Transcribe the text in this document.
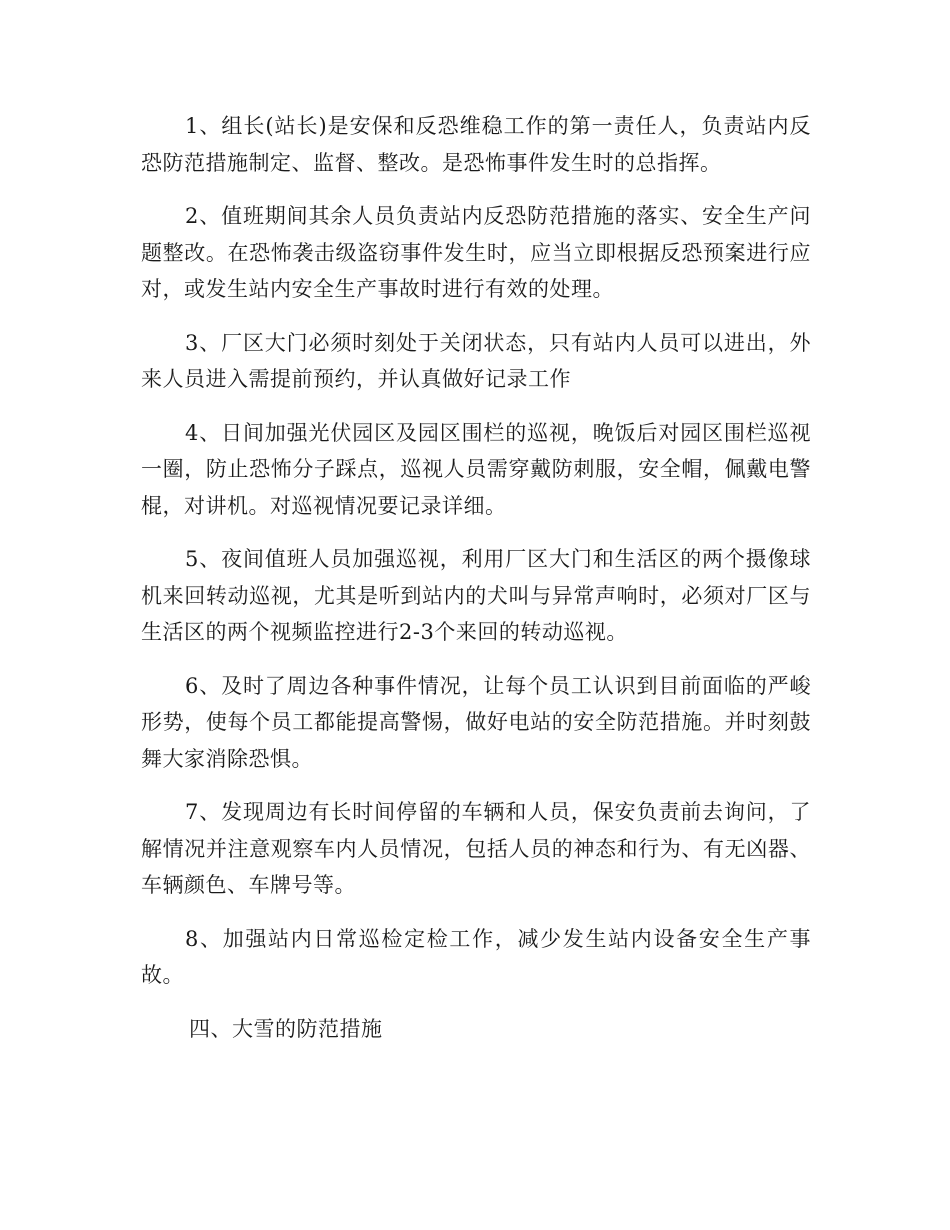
1、组长(站长)是安保和反恐维稳工作的第一责任人，负责站内反恐防范措施制定、监督、整改。是恐怖事件发生时的总指挥。

2、值班期间其余人员负责站内反恐防范措施的落实、安全生产问题整改。在恐怖袭击级盗窃事件发生时，应当立即根据反恐预案进行应对，或发生站内安全生产事故时进行有效的处理。

3、厂区大门必须时刻处于关闭状态，只有站内人员可以进出，外来人员进入需提前预约，并认真做好记录工作

4、日间加强光伏园区及园区围栏的巡视，晚饭后对园区围栏巡视一圈，防止恐怖分子踩点，巡视人员需穿戴防刺服，安全帽，佩戴电警棍，对讲机。对巡视情况要记录详细。

5、夜间值班人员加强巡视，利用厂区大门和生活区的两个摄像球机来回转动巡视，尤其是听到站内的犬叫与异常声响时，必须对厂区与生活区的两个视频监控进行2-3个来回的转动巡视。

6、及时了周边各种事件情况，让每个员工认识到目前面临的严峻形势，使每个员工都能提高警惕，做好电站的安全防范措施。并时刻鼓舞大家消除恐惧。

7、发现周边有长时间停留的车辆和人员，保安负责前去询问，了解情况并注意观察车内人员情况，包括人员的神态和行为、有无凶器、车辆颜色、车牌号等。

8、加强站内日常巡检定检工作，减少发生站内设备安全生产事故。

四、大雪的防范措施
